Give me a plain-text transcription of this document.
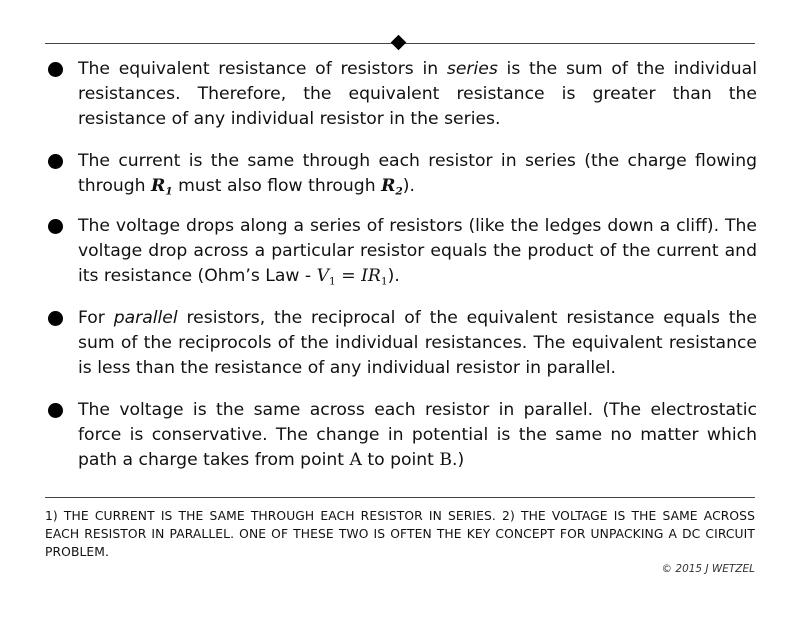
The equivalent resistance of resistors in series is the sum of the individual resistances. Therefore, the equivalent resistance is greater than the resistance of any individual resistor in the series.
The current is the same through each resistor in series (the charge flowing through $R_1$ must also flow through $R_2$).
The voltage drops along a series of resistors (like the ledges down a cliff). The voltage drop across a particular resistor equals the product of the current and its resistance (Ohm’s Law - $V_1 = IR_1$).
For parallel resistors, the reciprocal of the equivalent resistance equals the sum of the reciprocols of the individual resistances. The equivalent resistance is less than the resistance of any individual resistor in parallel.
The voltage is the same across each resistor in parallel. (The electrostatic force is conservative. The change in potential is the same no matter which path a charge takes from point A to point B.)
1) THE CURRENT IS THE SAME THROUGH EACH RESISTOR IN SERIES. 2) THE VOLTAGE IS THE SAME ACROSS EACH RESISTOR IN PARALLEL. ONE OF THESE TWO IS OFTEN THE KEY CONCEPT FOR UNPACKING A DC CIRCUIT PROBLEM.
© 2015 J WETZEL
